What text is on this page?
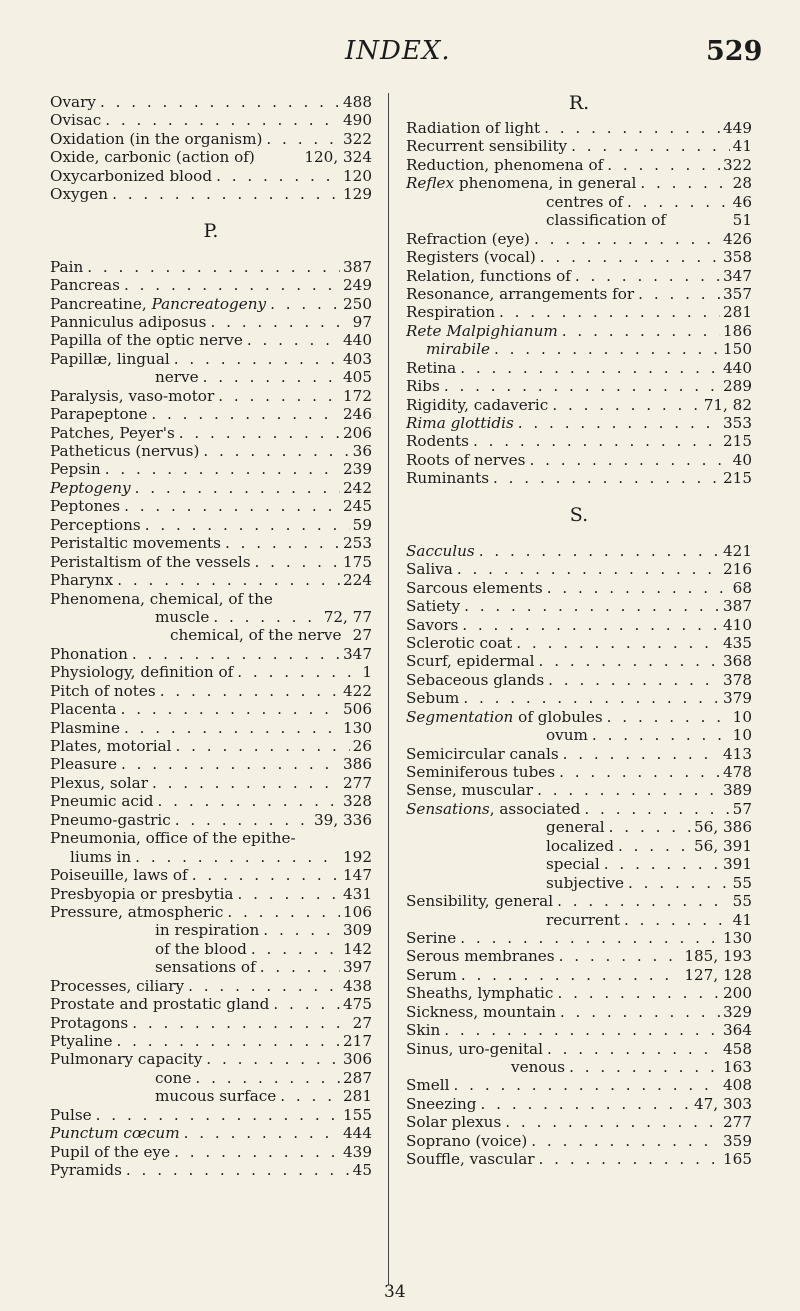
INDEX.	529
Ovary . . .	488
Ovisac . . .	490
Oxidation (in the organism) . . .	322
Oxide, carbonic (action of)	120, 324
Oxycarbonized blood . . .	120
Oxygen . . .	129
P.
Pain . . .	387
Pancreas . . .	249
Pancreatine, Pancreatogeny . . .	250
Panniculus adiposus . . .	97
Papilla of the optic nerve . . .	440
Papillæ, lingual . . .	403
nerve . . .	405
Paralysis, vaso-motor . . .	172
Parapeptone . . .	246
Patches, Peyer's . . .	206
Patheticus (nervus) . . .	36
Pepsin . . .	239
Peptogeny . . .	242
Peptones . . .	245
Perceptions . . .	59
Peristaltic movements . . .	253
Peristaltism of the vessels . . .	175
Pharynx . . .	224
Phenomena, chemical, of the
muscle . . .	72, 77
chemical, of the nerve 27
Phonation . . .	347
Physiology, definition of . . .	1
Pitch of notes . . .	422
Placenta . . .	506
Plasmine . . .	130
Plates, motorial . . .	26
Pleasure . . .	386
Plexus, solar . . .	277
Pneumic acid . . .	328
Pneumo-gastric . . .	39, 336
Pneumonia, office of the epithe-
liums in . . .	192
Poiseuille, laws of . . .	147
Presbyopia or presbytia . . .	431
Pressure, atmospheric . . .	106
in respiration . . .	309
of the blood . . .	142
sensations of . . .	397
Processes, ciliary . . .	438
Prostate and prostatic gland . . .	475
Protagons . . .	27
Ptyaline . . .	217
Pulmonary capacity . . .	306
cone . . .	287
mucous surface . . .	281
Pulse . . .	155
Punctum cœcum . . .	444
Pupil of the eye . . .	439
Pyramids . . .	45
R.
Radiation of light . . .	449
Recurrent sensibility . . .	41
Reduction, phenomena of . . .	322
Reflex phenomena, in general . . .	28
centres of . . .	46
classification of	51
Refraction (eye) . . .	426
Registers (vocal) . . .	358
Relation, functions of . . .	347
Resonance, arrangements for . . .	357
Respiration . . .	281
Rete Malpighianum . . .	186
mirabile . . .	150
Retina . . .	440
Ribs . . .	289
Rigidity, cadaveric . . .	71, 82
Rima glottidis . . .	353
Rodents . . .	215
Roots of nerves . . .	40
Ruminants . . .	215
S.
Sacculus . . .	421
Saliva . . .	216
Sarcous elements . . .	68
Satiety . . .	387
Savors . . .	410
Sclerotic coat . . .	435
Scurf, epidermal . . .	368
Sebaceous glands . . .	378
Sebum . . .	379
Segmentation of globules . . .	10
ovum . . .	10
Semicircular canals . . .	413
Seminiferous tubes . . .	478
Sense, muscular . . .	389
Sensations, associated . . .	57
general . . .	56, 386
localized . . .	56, 391
special . . .	391
subjective . . .	55
Sensibility, general . . .	55
recurrent . . .	41
Serine . . .	130
Serous membranes . . .	185, 193
Serum . . .	127, 128
Sheaths, lymphatic . . .	200
Sickness, mountain . . .	329
Skin . . .	364
Sinus, uro-genital . . .	458
venous . . .	163
Smell . . .	408
Sneezing . . .	47, 303
Solar plexus . . .	277
Soprano (voice) . . .	359
Souffle, vascular . . .	165
34
